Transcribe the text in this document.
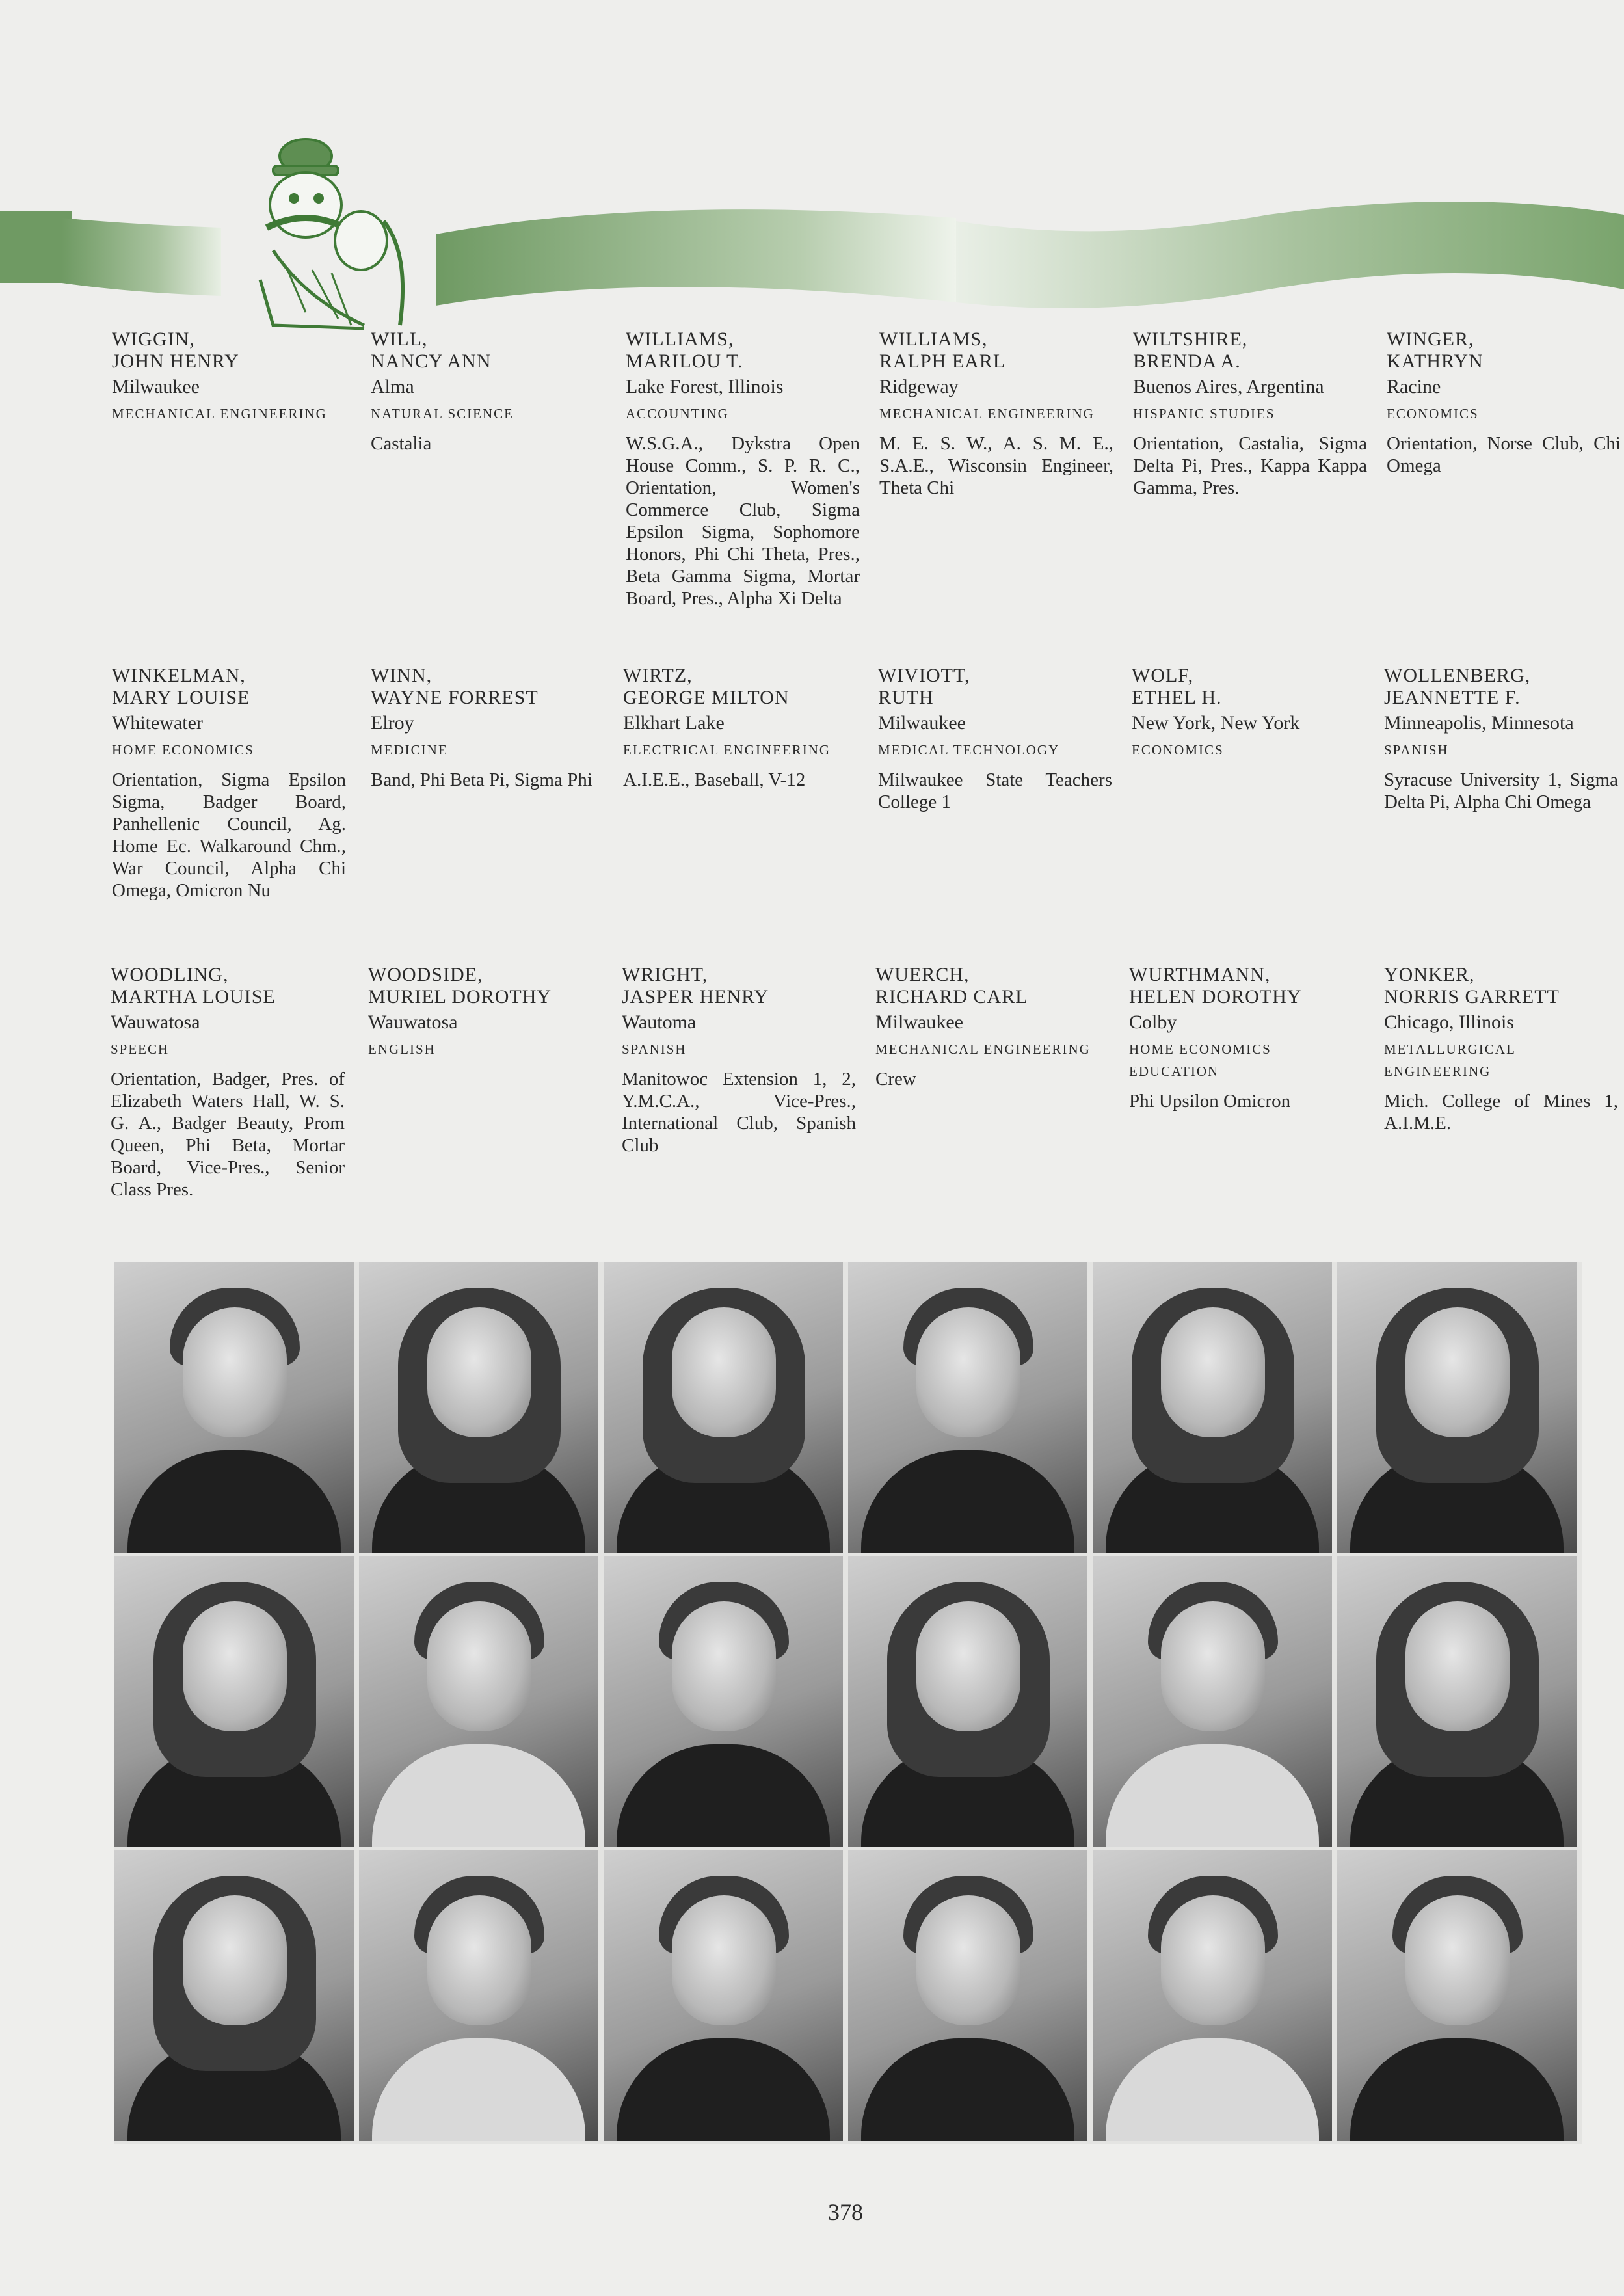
WIGGIN,
JOHN HENRY
Milwaukee
MECHANICAL ENGINEERING
WILL,
NANCY ANN
Alma
NATURAL SCIENCE
Castalia
WILLIAMS,
MARILOU T.
Lake Forest, Illinois
ACCOUNTING
W.S.G.A., Dykstra Open House Comm., S. P. R. C., Orientation, Women's Commerce Club, Sigma Epsilon Sigma, Sophomore Honors, Phi Chi Theta, Pres., Beta Gamma Sigma, Mortar Board, Pres., Alpha Xi Delta
WILLIAMS,
RALPH EARL
Ridgeway
MECHANICAL ENGINEERING
M. E. S. W., A. S. M. E., S.A.E., Wisconsin Engineer, Theta Chi
WILTSHIRE,
BRENDA A.
Buenos Aires, Argentina
HISPANIC STUDIES
Orientation, Castalia, Sigma Delta Pi, Pres., Kappa Kappa Gamma, Pres.
WINGER,
KATHRYN
Racine
ECONOMICS
Orientation, Norse Club, Chi Omega
WINKELMAN,
MARY LOUISE
Whitewater
HOME ECONOMICS
Orientation, Sigma Epsilon Sigma, Badger Board, Panhellenic Council, Ag. Home Ec. Walkaround Chm., War Council, Alpha Chi Omega, Omicron Nu
WINN,
WAYNE FORREST
Elroy
MEDICINE
Band, Phi Beta Pi, Sigma Phi
WIRTZ,
GEORGE MILTON
Elkhart Lake
ELECTRICAL ENGINEERING
A.I.E.E., Baseball, V-12
WIVIOTT,
RUTH
Milwaukee
MEDICAL TECHNOLOGY
Milwaukee State Teachers College 1
WOLF,
ETHEL H.
New York, New York
ECONOMICS
WOLLENBERG,
JEANNETTE F.
Minneapolis, Minnesota
SPANISH
Syracuse University 1, Sigma Delta Pi, Alpha Chi Omega
WOODLING,
MARTHA LOUISE
Wauwatosa
SPEECH
Orientation, Badger, Pres. of Elizabeth Waters Hall, W. S. G. A., Badger Beauty, Prom Queen, Phi Beta, Mortar Board, Vice-Pres., Senior Class Pres.
WOODSIDE,
MURIEL DOROTHY
Wauwatosa
ENGLISH
WRIGHT,
JASPER HENRY
Wautoma
SPANISH
Manitowoc Extension 1, 2, Y.M.C.A., Vice-Pres., International Club, Spanish Club
WUERCH,
RICHARD CARL
Milwaukee
MECHANICAL ENGINEERING
Crew
WURTHMANN,
HELEN DOROTHY
Colby
HOME ECONOMICS EDUCATION
Phi Upsilon Omicron
YONKER,
NORRIS GARRETT
Chicago, Illinois
METALLURGICAL ENGINEERING
Mich. College of Mines 1, A.I.M.E.
378
